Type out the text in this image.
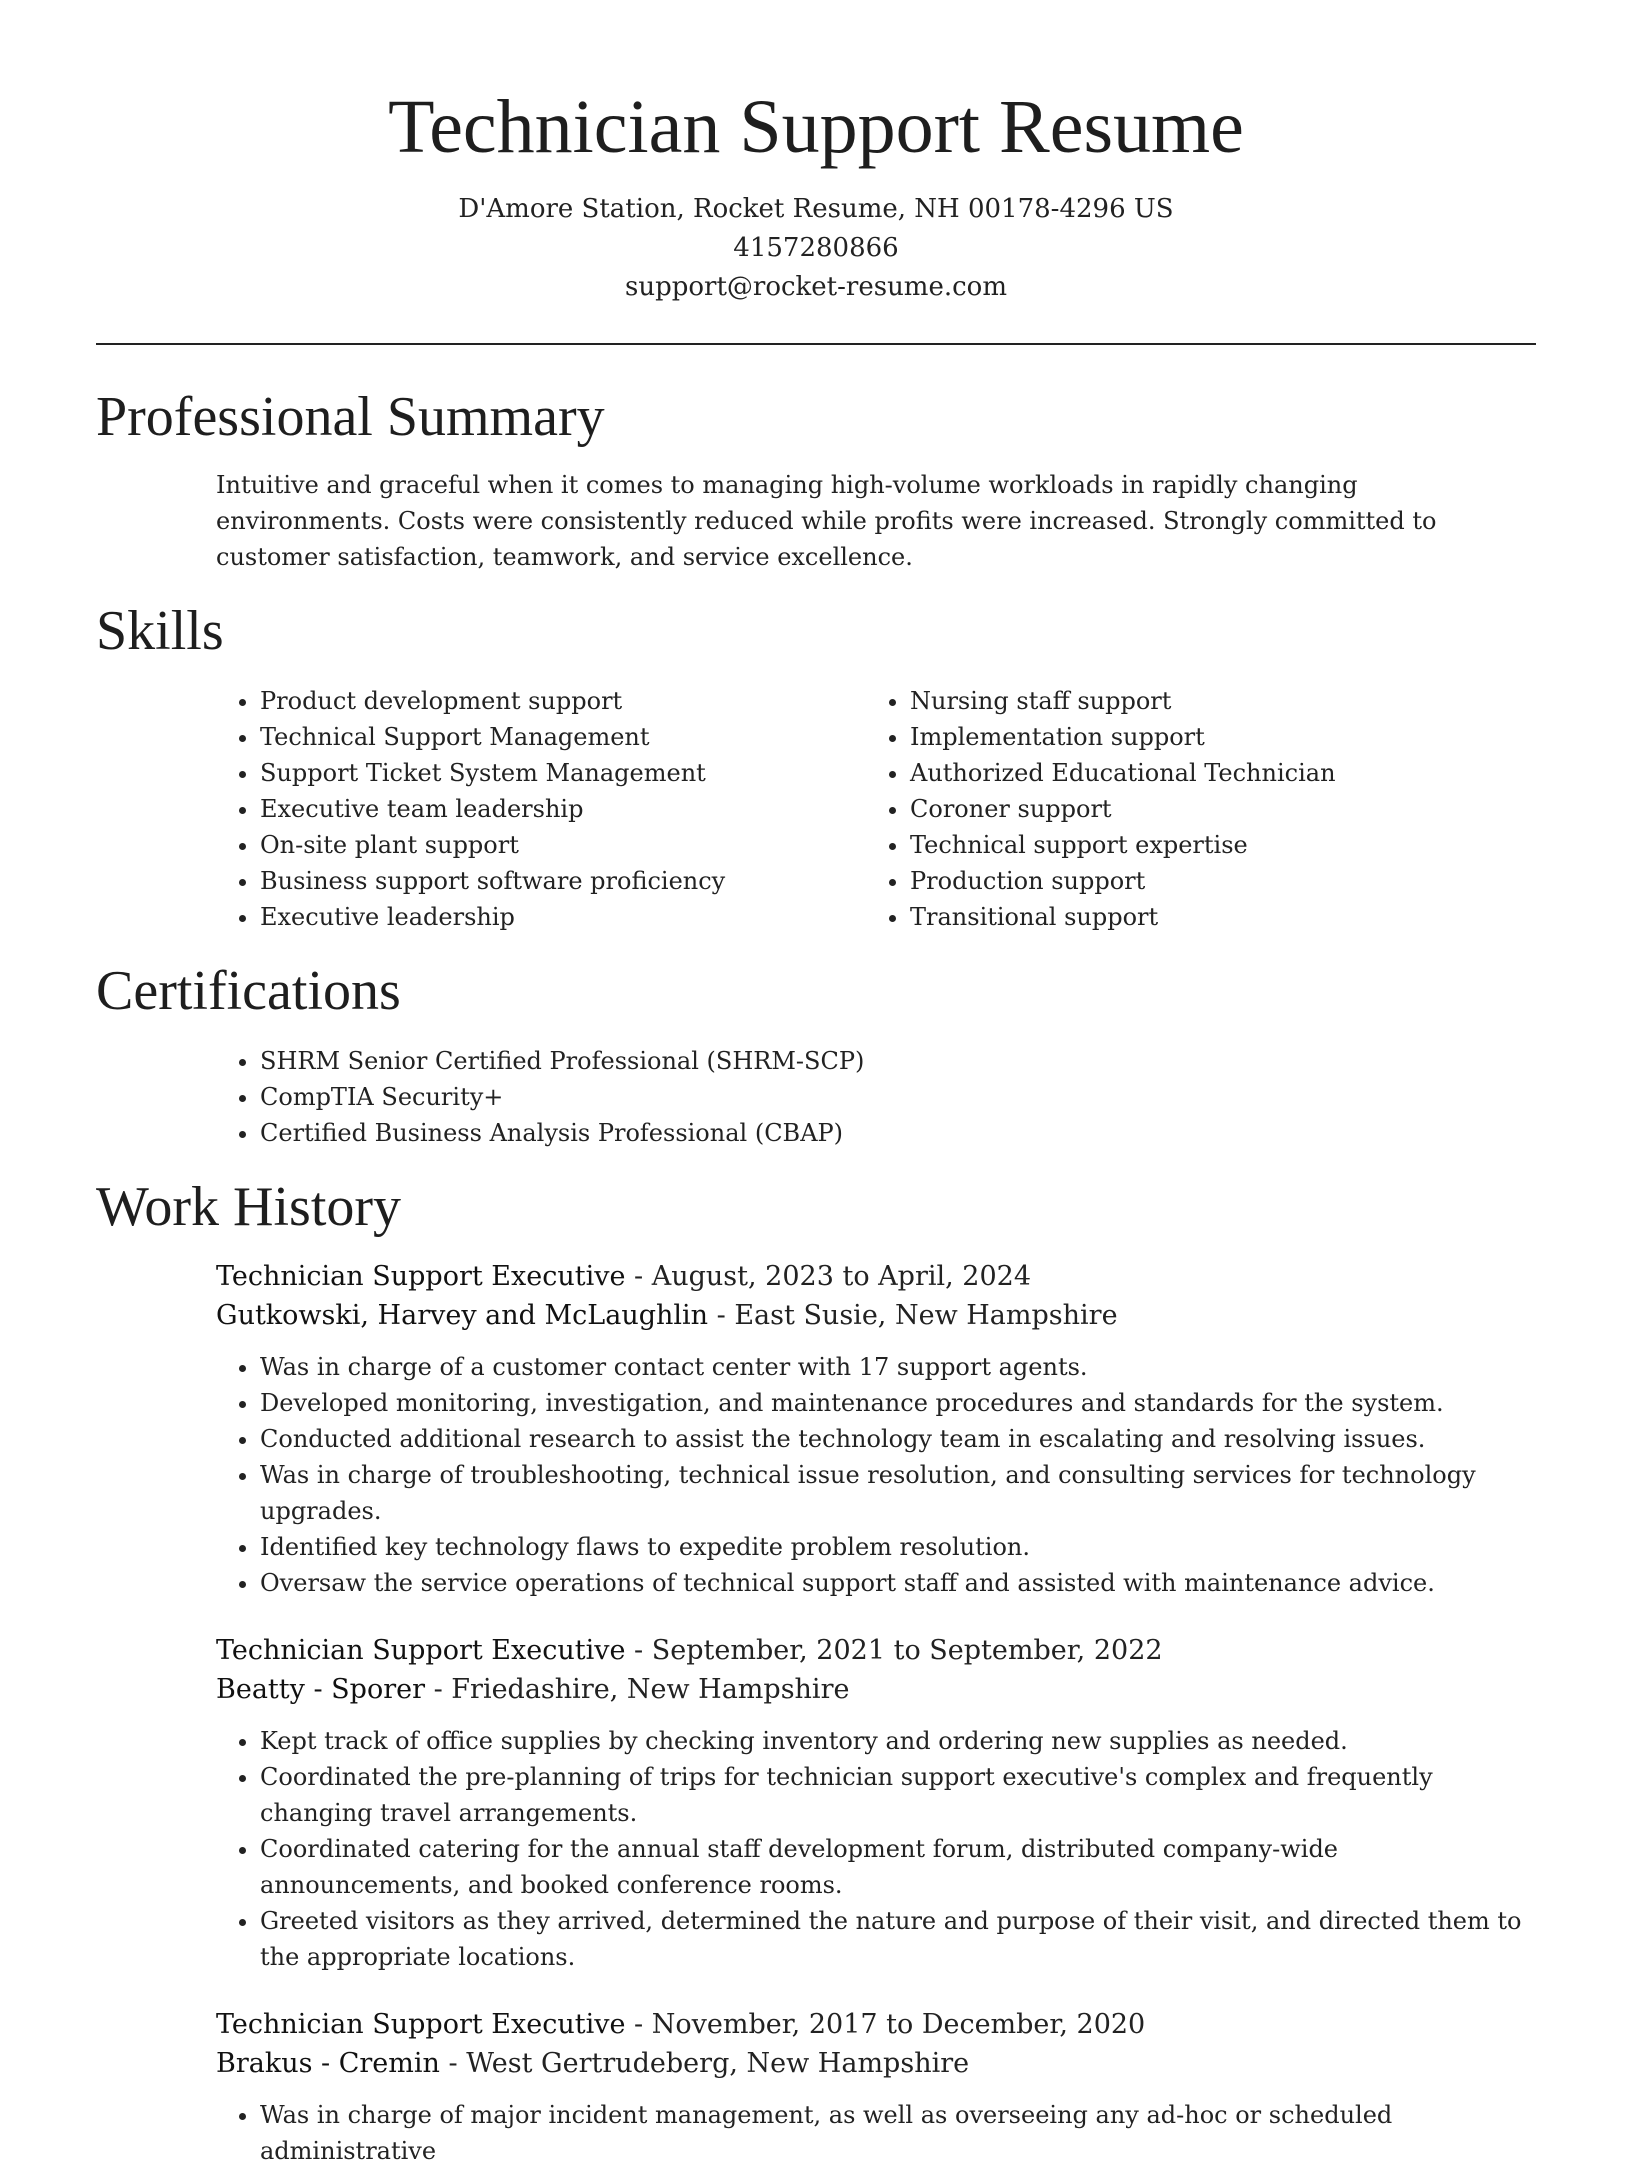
Technician Support Resume
D'Amore Station, Rocket Resume, NH 00178-4296 US
4157280866
support@rocket-resume.com
Professional Summary

Intuitive and graceful when it comes to managing high-volume workloads in rapidly changing environments. Costs were consistently reduced while profits were increased. Strongly committed to customer satisfaction, teamwork, and service excellence.

Skills
• Product development support
• Technical Support Management
• Support Ticket System Management
• Executive team leadership
• On-site plant support
• Business support software proficiency
• Executive leadership
• Nursing staff support
• Implementation support
• Authorized Educational Technician
• Coroner support
• Technical support expertise
• Production support
• Transitional support
Certifications
• SHRM Senior Certified Professional (SHRM-SCP)
• CompTIA Security+
• Certified Business Analysis Professional (CBAP)
Work History
Technician Support Executive - August, 2023 to April, 2024
Gutkowski, Harvey and McLaughlin - East Susie, New Hampshire
• Was in charge of a customer contact center with 17 support agents.
• Developed monitoring, investigation, and maintenance procedures and standards for the system.
• Conducted additional research to assist the technology team in escalating and resolving issues.
• Was in charge of troubleshooting, technical issue resolution, and consulting services for technology upgrades.
• Identified key technology flaws to expedite problem resolution.
• Oversaw the service operations of technical support staff and assisted with maintenance advice.
Technician Support Executive - September, 2021 to September, 2022
Beatty - Sporer - Friedashire, New Hampshire
• Kept track of office supplies by checking inventory and ordering new supplies as needed.
• Coordinated the pre-planning of trips for technician support executive's complex and frequently changing travel arrangements.
• Coordinated catering for the annual staff development forum, distributed company-wide announcements, and booked conference rooms.
• Greeted visitors as they arrived, determined the nature and purpose of their visit, and directed them to the appropriate locations.
Technician Support Executive - November, 2017 to December, 2020
Brakus - Cremin - West Gertrudeberg, New Hampshire
• Was in charge of major incident management, as well as overseeing any ad-hoc or scheduled administrative
